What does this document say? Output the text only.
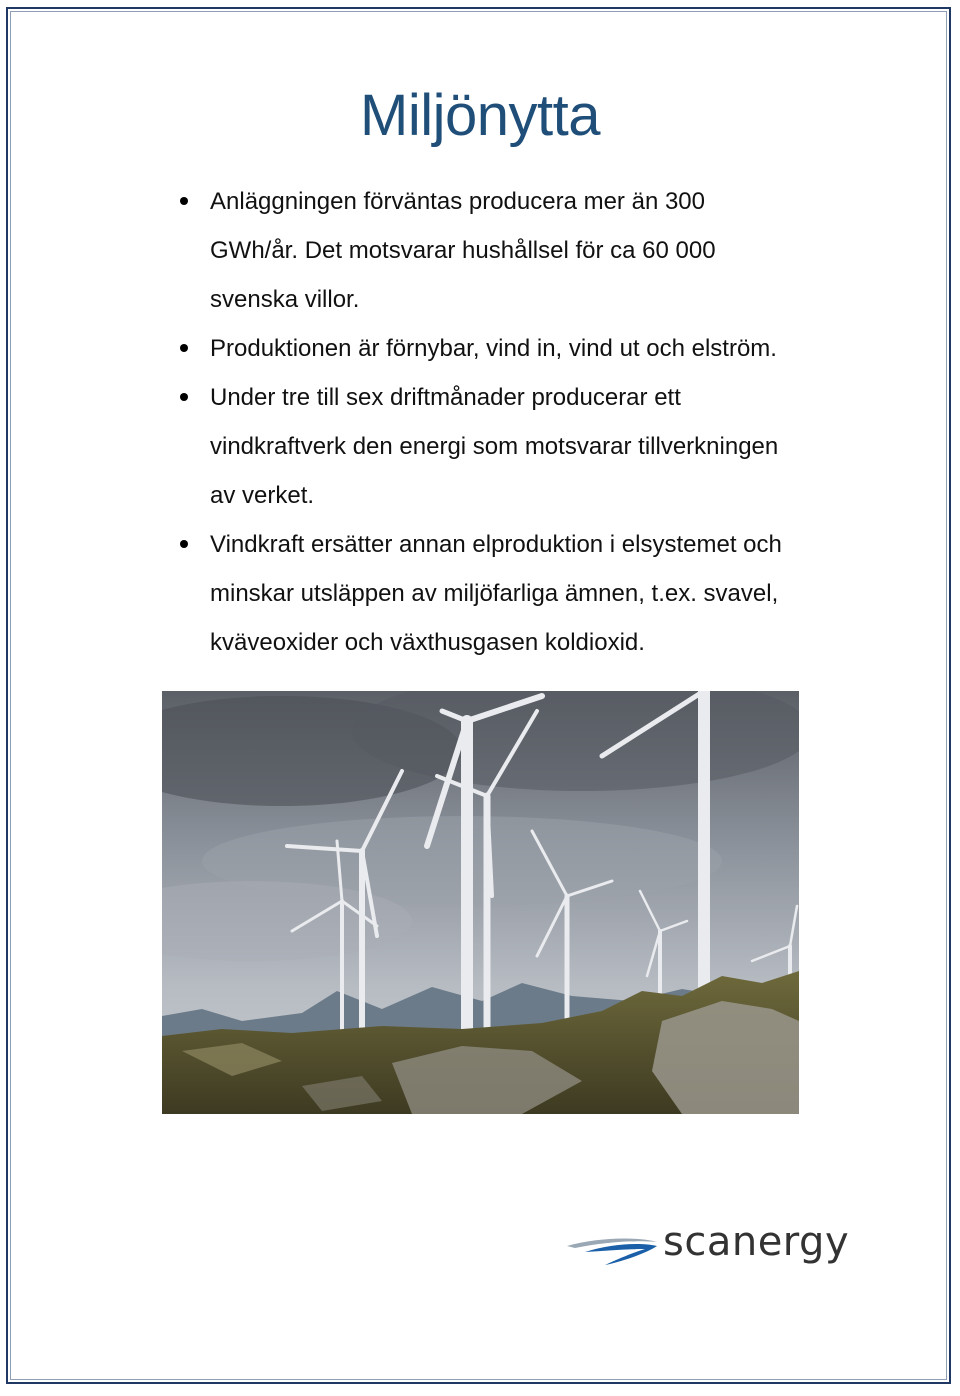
Miljönytta
Anläggningen förväntas producera mer än 300
GWh/år. Det motsvarar hushållsel för ca 60 000
svenska villor.
Produktionen är förnybar, vind in, vind ut och elström.
Under tre till sex driftmånader producerar ett
vindkraftverk den energi som motsvarar tillverkningen
av verket.
Vindkraft ersätter annan elproduktion i elsystemet och
minskar utsläppen av miljöfarliga ämnen, t.ex. svavel,
kväveoxider och växthusgasen koldioxid.
scanergy
